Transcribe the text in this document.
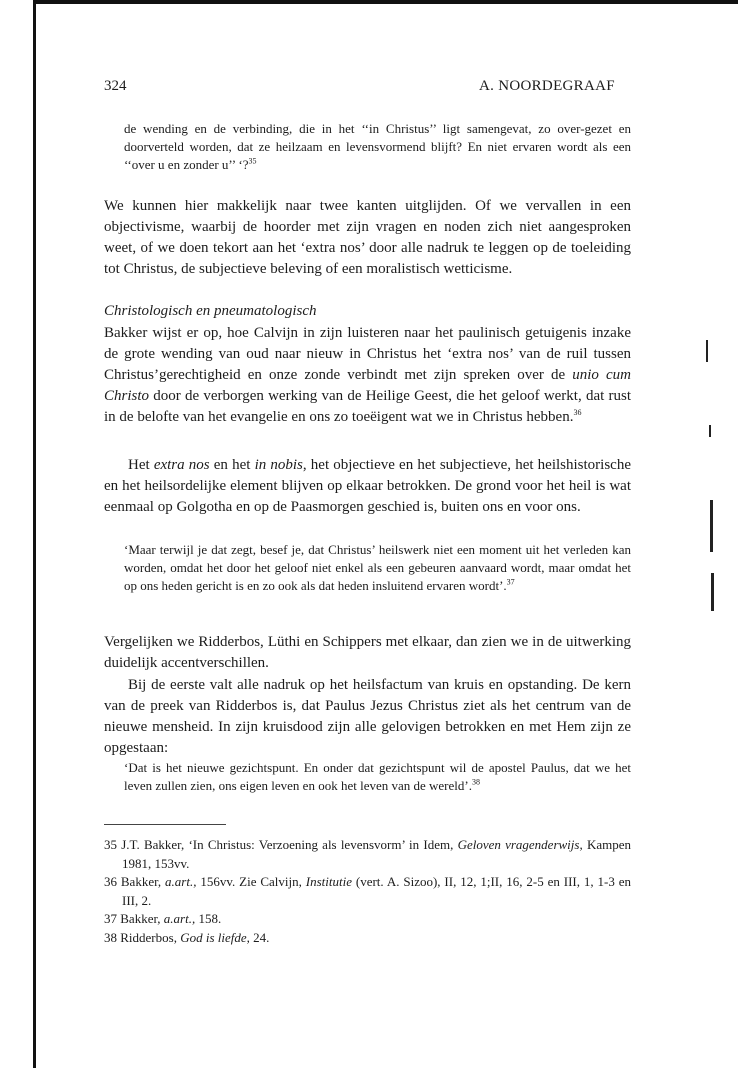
324	A. NOORDEGRAAF
de wending en de verbinding, die in het ‘‘in Christus’’ ligt samengevat, zo over-gezet en doorverteld worden, dat ze heilzaam en levensvormend blijft? En niet ervaren wordt als een ‘‘over u en zonder u’’ ‘?$^{35}$
We kunnen hier makkelijk naar twee kanten uitglijden. Of we vervallen in een objectivisme, waarbij de hoorder met zijn vragen en noden zich niet aangesproken weet, of we doen tekort aan het ‘extra nos’ door alle nadruk te leggen op de toeleiding tot Christus, de subjectieve beleving of een moralistisch wetticisme.
Christologisch en pneumatologisch
Bakker wijst er op, hoe Calvijn in zijn luisteren naar het paulinisch getuigenis inzake de grote wending van oud naar nieuw in Christus het ‘extra nos’ van de ruil tussen Christus’gerechtigheid en onze zonde verbindt met zijn spreken over de unio cum Christo door de verborgen werking van de Heilige Geest, die het geloof werkt, dat rust in de belofte van het evangelie en ons zo toeëigent wat we in Christus hebben.$^{36}$
Het extra nos en het in nobis, het objectieve en het subjectieve, het heilshistorische en het heilsordelijke element blijven op elkaar betrokken. De grond voor het heil is wat eenmaal op Golgotha en op de Paasmorgen geschied is, buiten ons en voor ons.
‘Maar terwijl je dat zegt, besef je, dat Christus’ heilswerk niet een moment uit het verleden kan worden, omdat het door het geloof niet enkel als een gebeuren aanvaard wordt, maar omdat het op ons heden gericht is en zo ook als dat heden insluitend ervaren wordt’.$^{37}$
Vergelijken we Ridderbos, Lüthi en Schippers met elkaar, dan zien we in de uitwerking duidelijk accentverschillen.
Bij de eerste valt alle nadruk op het heilsfactum van kruis en opstanding. De kern van de preek van Ridderbos is, dat Paulus Jezus Christus ziet als het centrum van de nieuwe mensheid. In zijn kruisdood zijn alle gelovigen betrokken en met Hem zijn ze opgestaan:
‘Dat is het nieuwe gezichtspunt. En onder dat gezichtspunt wil de apostel Paulus, dat we het leven zullen zien, ons eigen leven en ook het leven van de wereld’.$^{38}$
35 J.T. Bakker, ‘In Christus: Verzoening als levensvorm’ in Idem, Geloven vragenderwijs, Kampen 1981, 153vv.
36 Bakker, a.art., 156vv. Zie Calvijn, Institutie (vert. A. Sizoo), II, 12, 1;II, 16, 2-5 en III, 1, 1-3 en III, 2.
37 Bakker, a.art., 158.
38 Ridderbos, God is liefde, 24.
